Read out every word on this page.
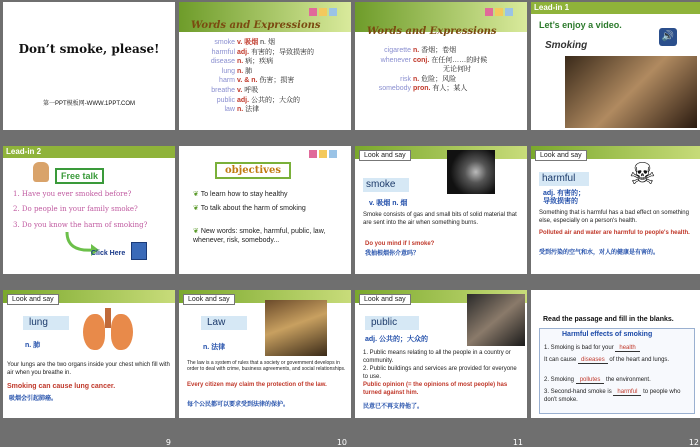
Don’t smoke, please!
第一PPT模板网-WWW.1PPT.COM
Words and Expressions
smoke v. 吸烟 n. 烟
harmful adj. 有害的；导致损害的
disease n. 病；疾病
lung n. 肺
harm v. & n. 伤害；损害
breathe v. 呼吸
public adj. 公共的；大众的
law n. 法律
Words and Expressions
cigarette n. 香烟；卷烟
whenever conj. 在任何……的时候
无论何时
risk n. 危险；风险
somebody pron. 有人；某人
Lead-in 1
Let’s enjoy a video.
Smoking
🔊
Lead-in 2
Free talk
1. Have you ever smoked before?
2. Do people in your family smoke?
3. Do you know the harm of smoking?
Click Here
objectives
❦ To learn how to stay healthy
❦ To talk about the harm of smoking
❦ New words: smoke, harmful, public, law, whenever, risk, somebody...
Look and say
smoke
v. 吸烟 n. 烟
Smoke consists of gas and small bits of solid material that are sent into the air when something burns.
Do you mind if I smoke?
我抽根烟你介意吗？
Look and say
harmful	☠
adj. 有害的；
导致损害的
Something that is harmful has a bad effect on something else, especially on a person's health.
Polluted air and water are harmful to people's health.
受到污染的空气和水，对人的健康是有害的。
Look and say
lung
n. 肺
Your lungs are the two organs inside your chest which fill with air when you breathe in.
Smoking can cause lung cancer.
吸烟会引起肺癌。
9
Look and say
Law
n. 法律
The law is a system of rules that a society or government develops in order to deal with crime, business agreements, and social relationships.
Every citizen may claim the protection of the law.
每个公民都可以要求受到法律的保护。
10
Look and say
public
adj. 公共的；大众的
1. Public means relating to all the people in a country or community.
2. Public buildings and services are provided for everyone to use.
Public opinion (= the opinions of most people) has turned against him.
民意已不再支持他了。
11
Read the passage and fill in the blanks.
Harmful effects of smoking
1. Smoking is bad for your health
It can cause diseases of the heart and lungs.
2. Smoking pollutes the environment.
3. Second-hand smoke is harmful to people who don't smoke.
12
